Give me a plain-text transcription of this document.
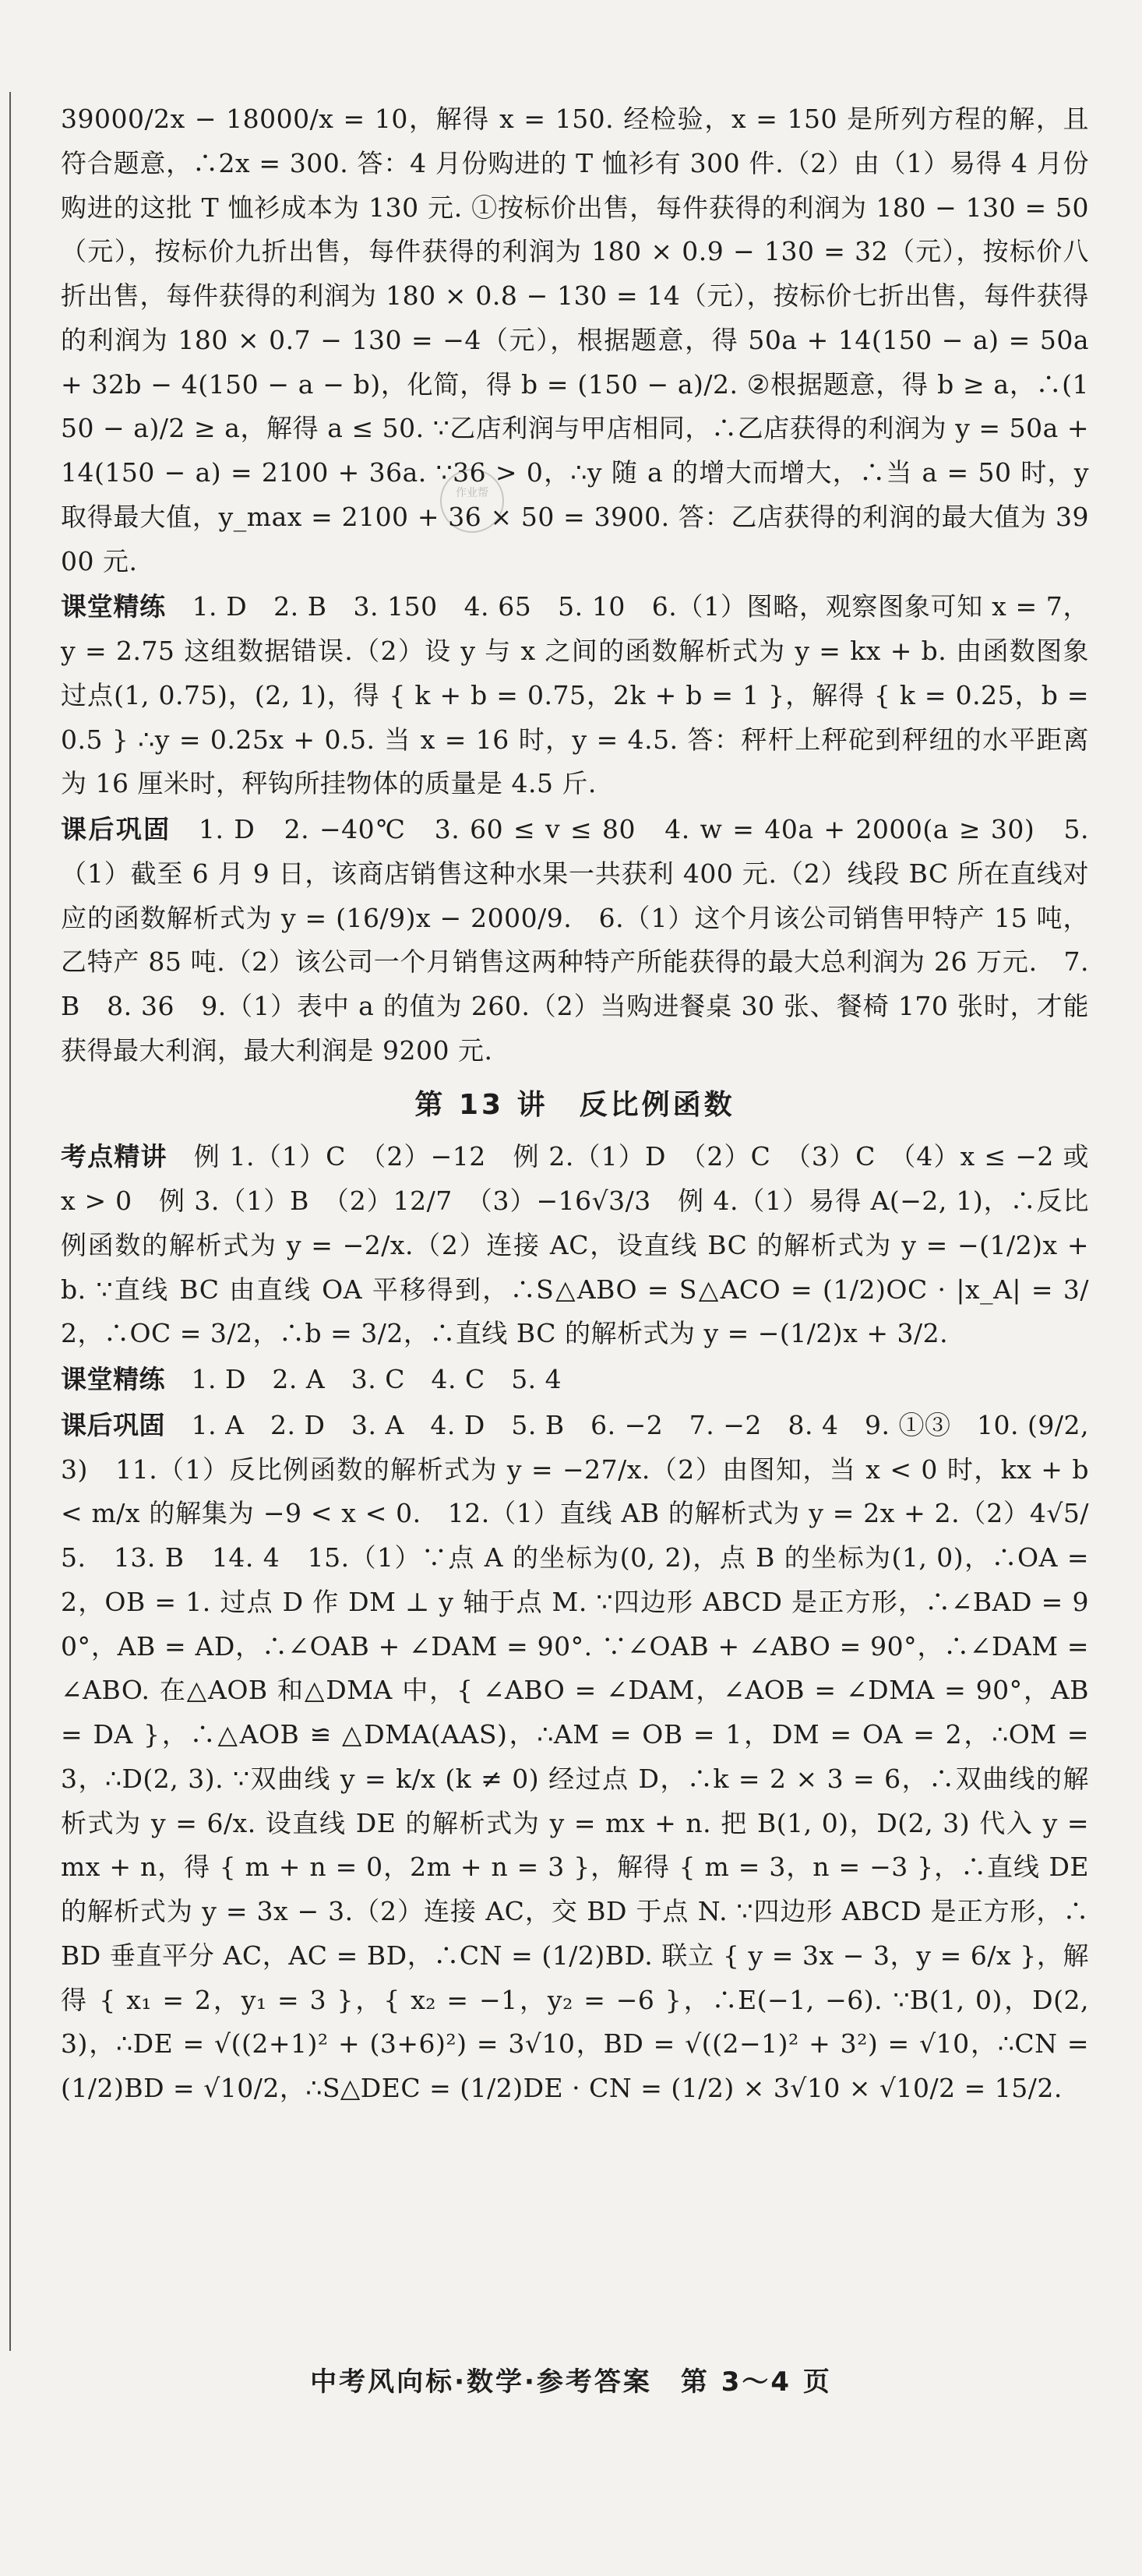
作业帮

39000/2x − 18000/x = 10，解得 x = 150. 经检验，x = 150 是所列方程的解，且符合题意，∴2x = 300. 答：4 月份购进的 T 恤衫有 300 件.（2）由（1）易得 4 月份购进的这批 T 恤衫成本为 130 元. ①按标价出售，每件获得的利润为 180 − 130 = 50（元），按标价九折出售，每件获得的利润为 180 × 0.9 − 130 = 32（元），按标价八折出售，每件获得的利润为 180 × 0.8 − 130 = 14（元），按标价七折出售，每件获得的利润为 180 × 0.7 − 130 = −4（元），根据题意，得 50a + 14(150 − a) = 50a + 32b − 4(150 − a − b)，化简，得 b = (150 − a)/2. ②根据题意，得 b ≥ a，∴(150 − a)/2 ≥ a，解得 a ≤ 50. ∵乙店利润与甲店相同，∴乙店获得的利润为 y = 50a + 14(150 − a) = 2100 + 36a. ∵36 > 0，∴y 随 a 的增大而增大，∴当 a = 50 时，y 取得最大值，y_max = 2100 + 36 × 50 = 3900. 答：乙店获得的利润的最大值为 3900 元.

课堂精练　 1. D　2. B　3. 150　4. 65　5. 10　6.（1）图略，观察图象可知 x = 7，y = 2.75 这组数据错误.（2）设 y 与 x 之间的函数解析式为 y = kx + b. 由函数图象过点(1, 0.75)，(2, 1)，得 { k + b = 0.75，2k + b = 1 }，解得 { k = 0.25，b = 0.5 } ∴y = 0.25x + 0.5. 当 x = 16 时，y = 4.5. 答：秤杆上秤砣到秤纽的水平距离为 16 厘米时，秤钩所挂物体的质量是 4.5 斤.

课后巩固　 1. D　2. −40℃　3. 60 ≤ v ≤ 80　4. w = 40a + 2000(a ≥ 30)　5.（1）截至 6 月 9 日，该商店销售这种水果一共获利 400 元.（2）线段 BC 所在直线对应的函数解析式为 y = (16/9)x − 2000/9.　6.（1）这个月该公司销售甲特产 15 吨，乙特产 85 吨.（2）该公司一个月销售这两种特产所能获得的最大总利润为 26 万元.　7. B　8. 36　9.（1）表中 a 的值为 260.（2）当购进餐桌 30 张、餐椅 170 张时，才能获得最大利润，最大利润是 9200 元.

第 13 讲　反比例函数

考点精讲　 例 1.（1）C　（2）−12　例 2.（1）D　（2）C　（3）C　（4）x ≤ −2 或 x > 0　例 3.（1）B　（2）12/7　（3）−16√3/3　例 4.（1）易得 A(−2, 1)，∴反比例函数的解析式为 y = −2/x.（2）连接 AC，设直线 BC 的解析式为 y = −(1/2)x + b. ∵直线 BC 由直线 OA 平移得到，∴S△ABO = S△ACO = (1/2)OC · |x_A| = 3/2，∴OC = 3/2，∴b = 3/2，∴直线 BC 的解析式为 y = −(1/2)x + 3/2.

课堂精练　 1. D　2. A　3. C　4. C　5. 4

课后巩固　 1. A　2. D　3. A　4. D　5. B　6. −2　7. −2　8. 4　9. ①③　10. (9/2, 3)　11.（1）反比例函数的解析式为 y = −27/x.（2）由图知，当 x < 0 时，kx + b < m/x 的解集为 −9 < x < 0.　12.（1）直线 AB 的解析式为 y = 2x + 2.（2）4√5/5.　13. B　14. 4　15.（1）∵点 A 的坐标为(0, 2)，点 B 的坐标为(1, 0)，∴OA = 2，OB = 1. 过点 D 作 DM ⊥ y 轴于点 M. ∵四边形 ABCD 是正方形，∴∠BAD = 90°，AB = AD，∴∠OAB + ∠DAM = 90°. ∵∠OAB + ∠ABO = 90°，∴∠DAM = ∠ABO. 在△AOB 和△DMA 中，{ ∠ABO = ∠DAM，∠AOB = ∠DMA = 90°，AB = DA }，∴△AOB ≌ △DMA(AAS)，∴AM = OB = 1，DM = OA = 2，∴OM = 3，∴D(2, 3). ∵双曲线 y = k/x (k ≠ 0) 经过点 D，∴k = 2 × 3 = 6，∴双曲线的解析式为 y = 6/x. 设直线 DE 的解析式为 y = mx + n. 把 B(1, 0)，D(2, 3) 代入 y = mx + n，得 { m + n = 0，2m + n = 3 }，解得 { m = 3，n = −3 }，∴直线 DE 的解析式为 y = 3x − 3.（2）连接 AC，交 BD 于点 N. ∵四边形 ABCD 是正方形，∴BD 垂直平分 AC，AC = BD，∴CN = (1/2)BD. 联立 { y = 3x − 3，y = 6/x }，解得 { x₁ = 2，y₁ = 3 }，{ x₂ = −1，y₂ = −6 }，∴E(−1, −6). ∵B(1, 0)，D(2, 3)，∴DE = √((2+1)² + (3+6)²) = 3√10，BD = √((2−1)² + 3²) = √10，∴CN = (1/2)BD = √10/2，∴S△DEC = (1/2)DE · CN = (1/2) × 3√10 × √10/2 = 15/2.

中考风向标·数学·参考答案　第 3～4 页
